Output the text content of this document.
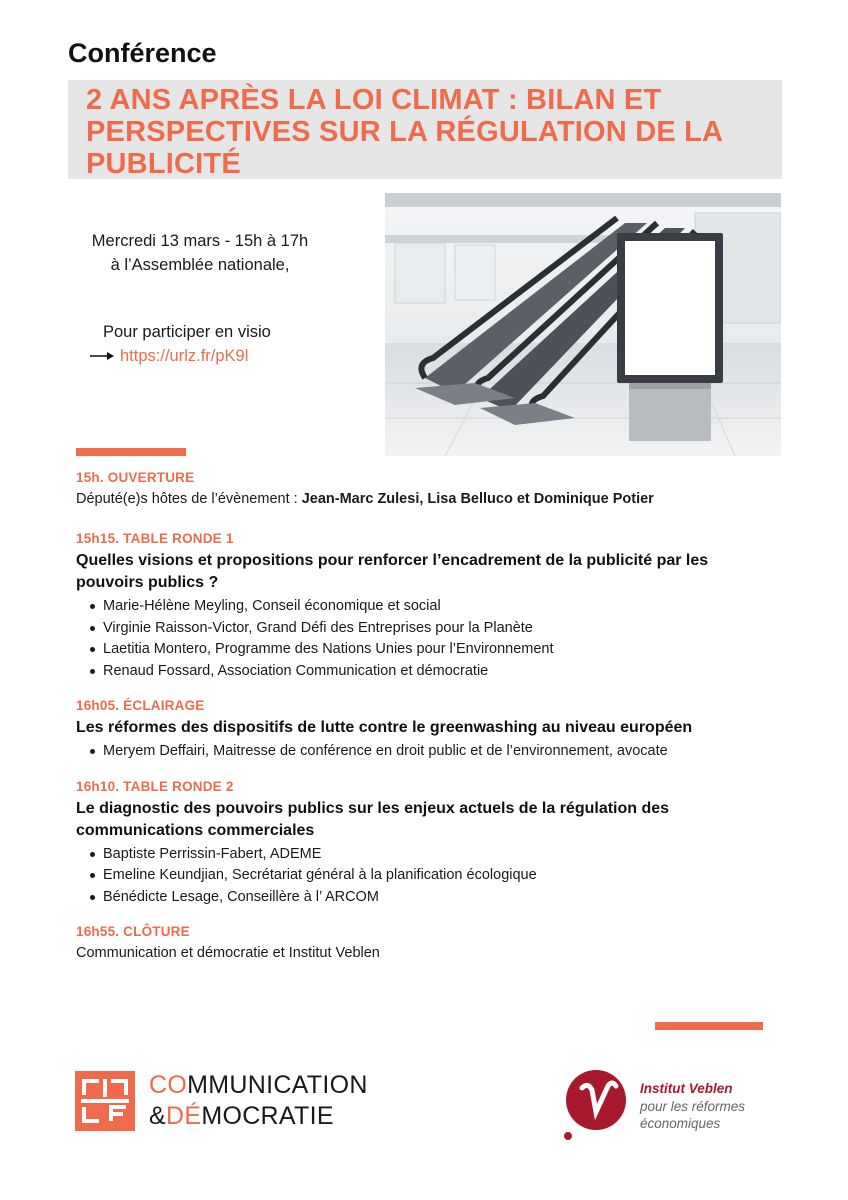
Conférence
2 ANS APRÈS LA LOI CLIMAT : BILAN ET
PERSPECTIVES SUR LA RÉGULATION DE LA
PUBLICITÉ
Mercredi 13 mars - 15h à 17h
à l’Assemblée nationale,
Pour participer en visio
https://urlz.fr/pK9l
15h. OUVERTURE
Député(e)s hôtes de l’évènement : Jean-Marc Zulesi, Lisa Belluco et Dominique Potier
15h15. TABLE RONDE 1
Quelles visions et propositions pour renforcer l’encadrement de la publicité par les pouvoirs publics ?
Marie-Hélène Meyling, Conseil économique et social
Virginie Raisson-Victor, Grand Défi des Entreprises pour la Planète
Laetitia Montero, Programme des Nations Unies pour l’Environnement
Renaud Fossard, Association Communication et démocratie
16h05. ÉCLAIRAGE
Les réformes des dispositifs de lutte contre le greenwashing au niveau européen
Meryem Deffairi, Maitresse de conférence en droit public et de l’environnement, avocate
16h10. TABLE RONDE 2
Le diagnostic des pouvoirs publics sur les enjeux actuels de la régulation des communications commerciales
Baptiste Perrissin-Fabert, ADEME
Emeline Keundjian, Secrétariat général à la planification écologique
Bénédicte Lesage, Conseillère à l’ ARCOM
16h55. CLÔTURE
Communication et démocratie et Institut Veblen
COMMUNICATION
&DÉMOCRATIE
Institut Veblen
pour les réformes
économiques
